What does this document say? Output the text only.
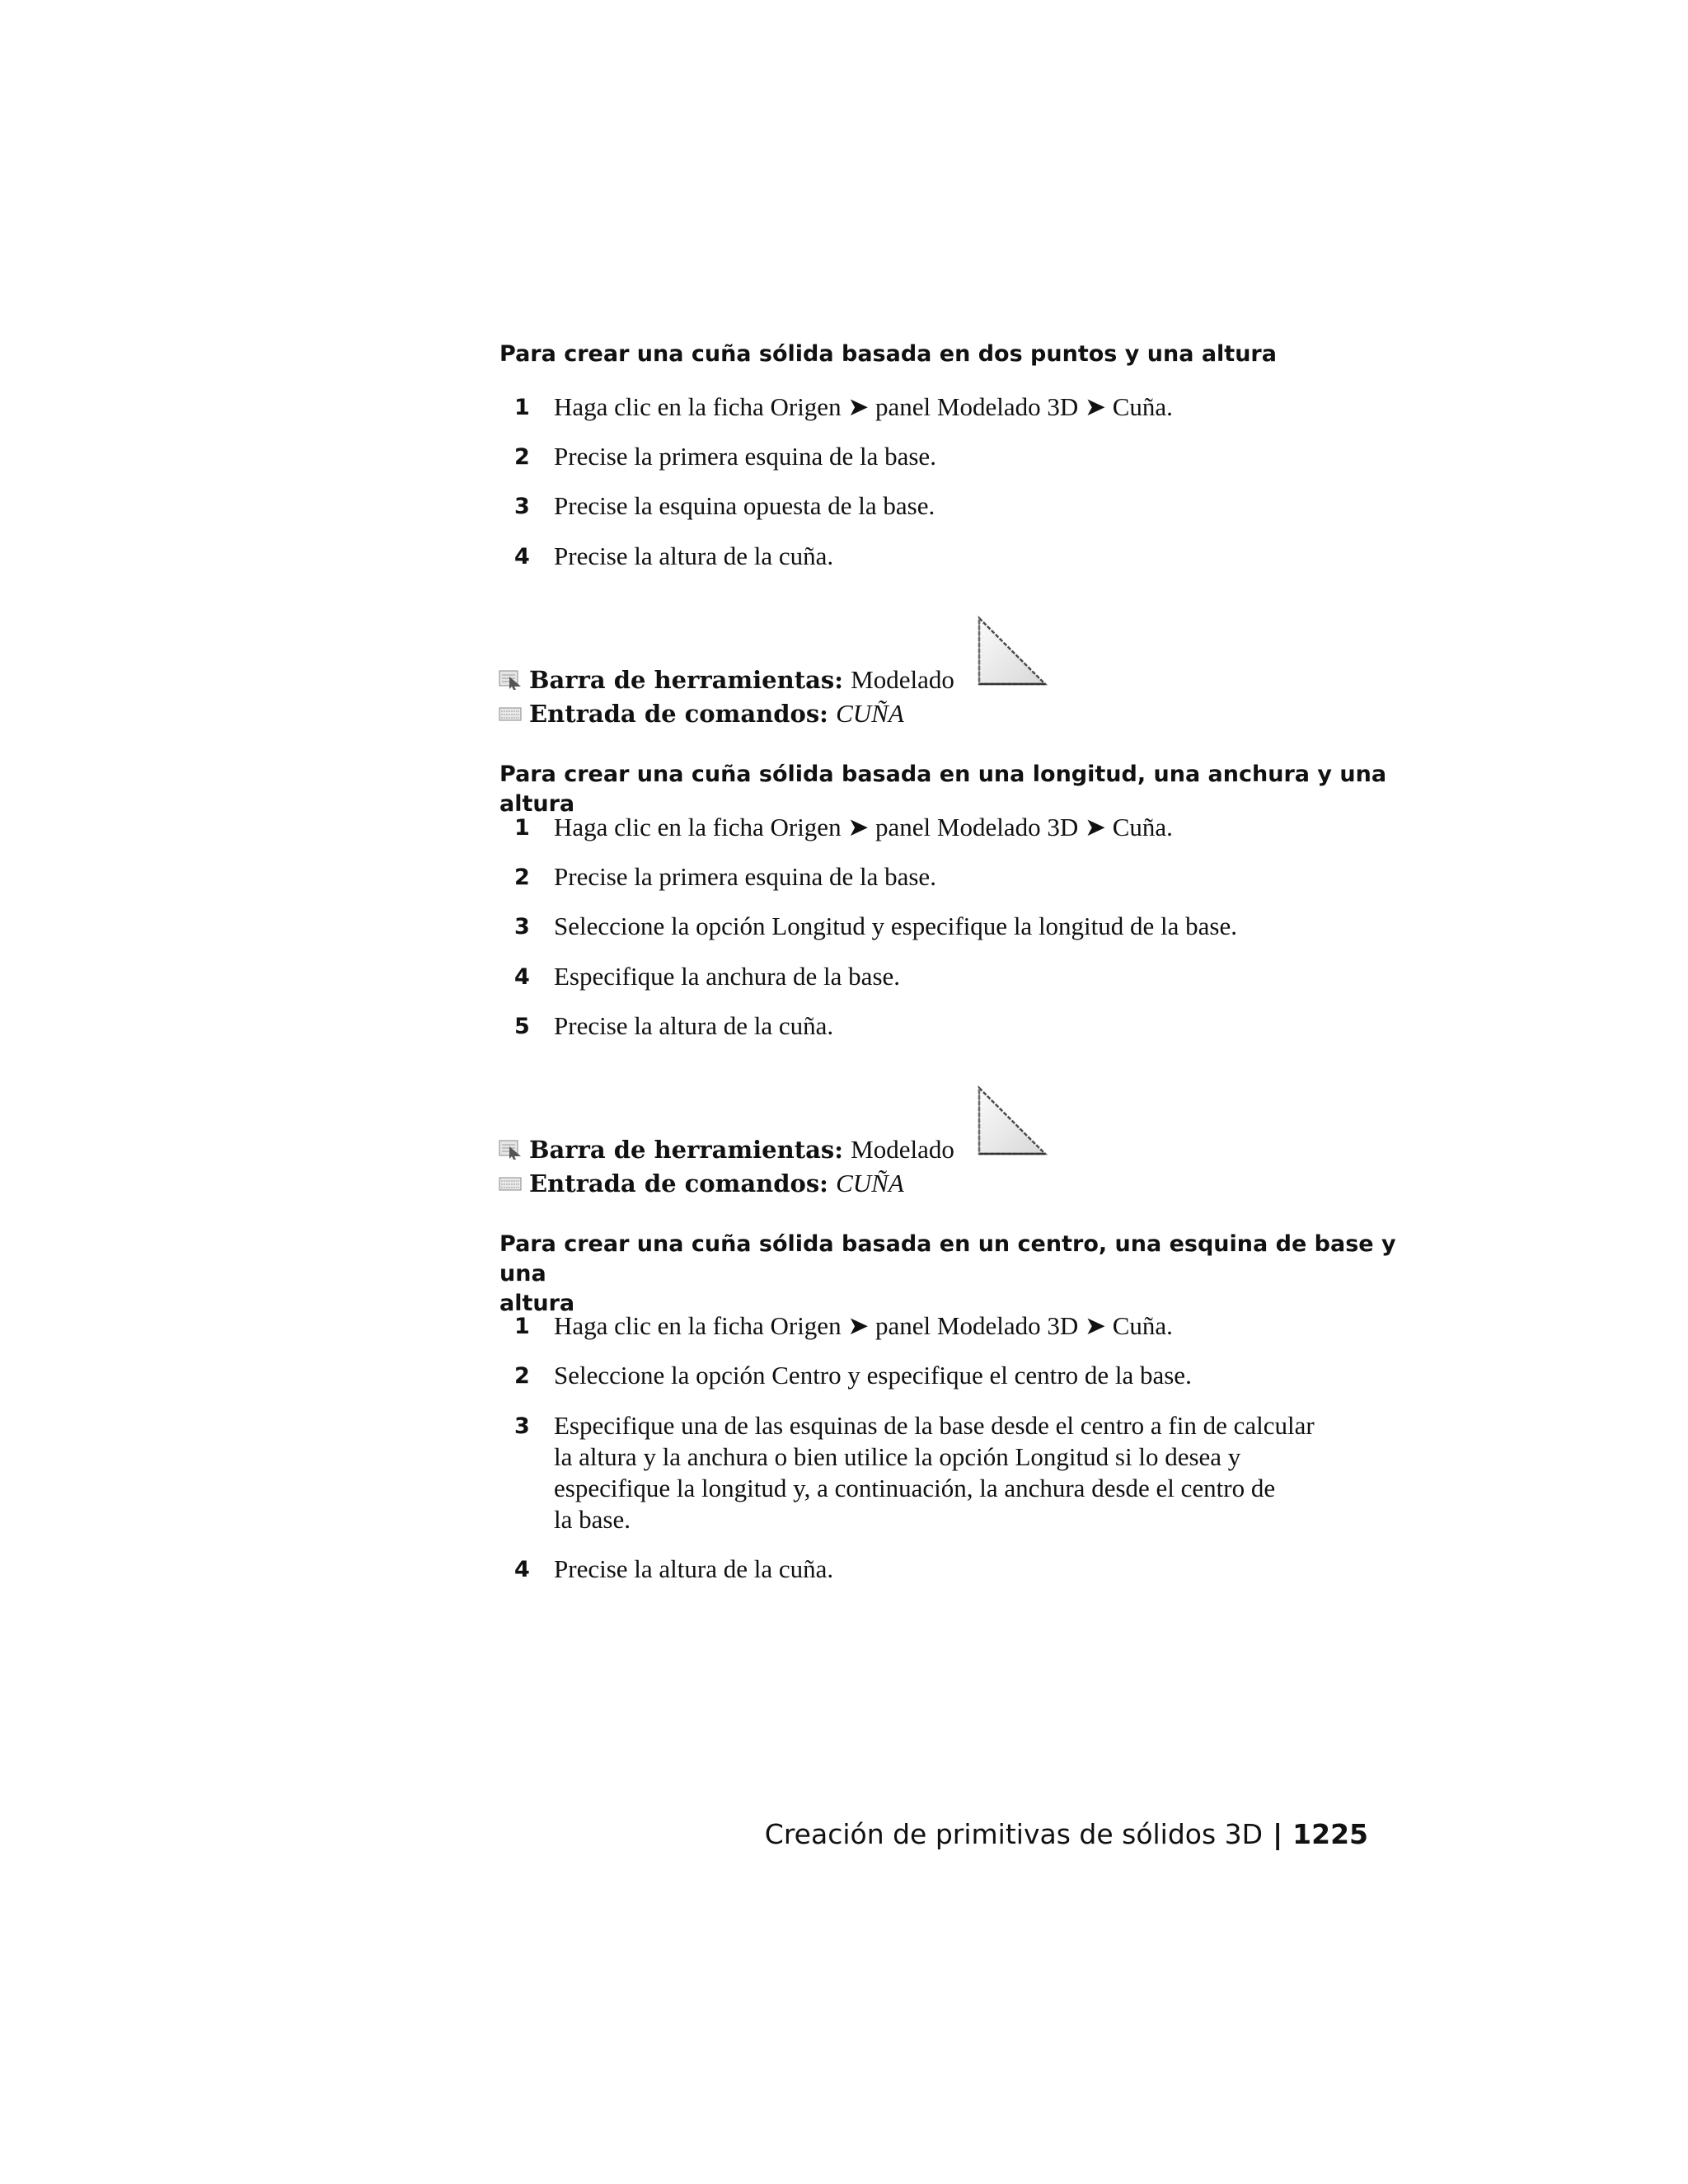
Para crear una cuña sólida basada en dos puntos y una altura
1 Haga clic en la ficha Origen ➤ panel Modelado 3D ➤ Cuña.
2 Precise la primera esquina de la base.
3 Precise la esquina opuesta de la base.
4 Precise la altura de la cuña.
Barra de herramientas: Modelado
Entrada de comandos: CUÑA
Para crear una cuña sólida basada en una longitud, una anchura y una altura
1 Haga clic en la ficha Origen ➤ panel Modelado 3D ➤ Cuña.
2 Precise la primera esquina de la base.
3 Seleccione la opción Longitud y especifique la longitud de la base.
4 Especifique la anchura de la base.
5 Precise la altura de la cuña.
Barra de herramientas: Modelado
Entrada de comandos: CUÑA
Para crear una cuña sólida basada en un centro, una esquina de base y una
altura
1 Haga clic en la ficha Origen ➤ panel Modelado 3D ➤ Cuña.
2 Seleccione la opción Centro y especifique el centro de la base.
3 Especifique una de las esquinas de la base desde el centro a fin de calcular
la altura y la anchura o bien utilice la opción Longitud si lo desea y
especifique la longitud y, a continuación, la anchura desde el centro de
la base.
4 Precise la altura de la cuña.
Creación de primitivas de sólidos 3D | 1225
